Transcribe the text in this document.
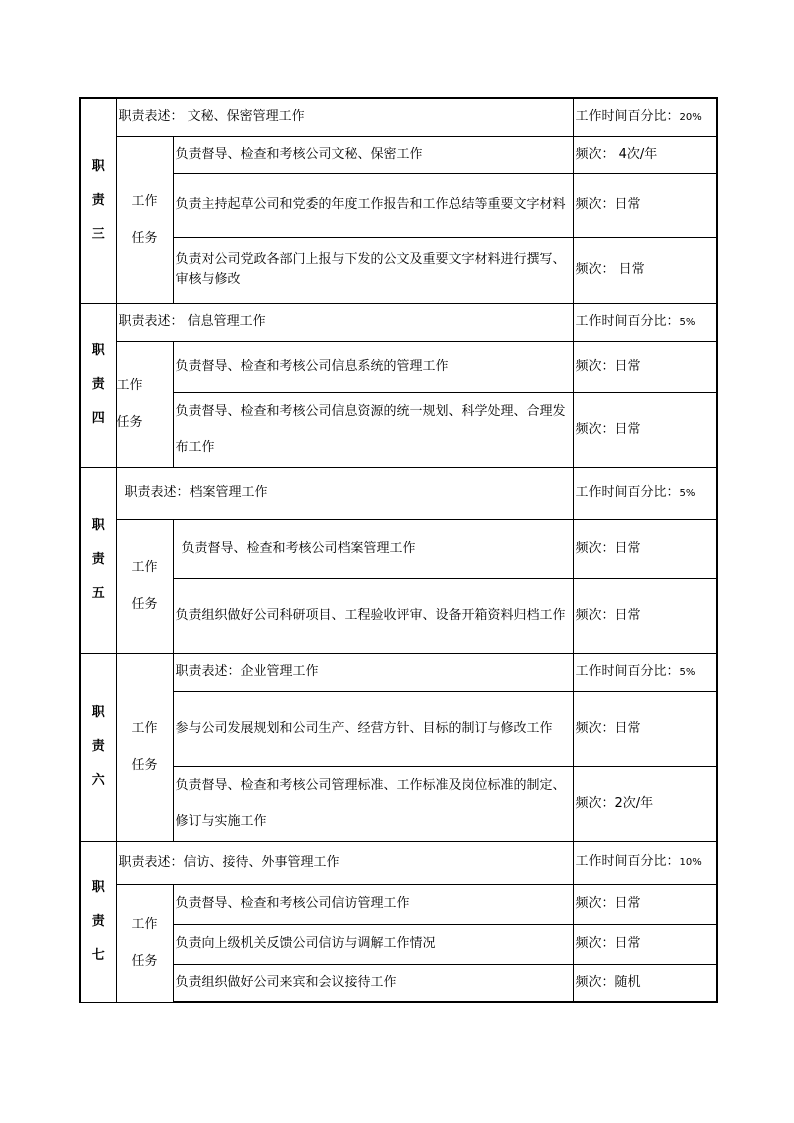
职
责
三	职责表述： 文秘、保密管理工作		工作时间百分比：20%

	工作
任务	负责督导、检查和考核公司文秘、保密工作	频次： 4次/年
		负责主持起草公司和党委的年度工作报告和工作总结等重要文字材料	频次：日常
		负责对公司党政各部门上报与下发的公文及重要文字材料进行撰写、审核与修改	频次： 日常

职
责
四	职责表述： 信息管理工作		工作时间百分比：5%

	工作
任务	负责督导、检查和考核公司信息系统的管理工作	频次：日常
		负责督导、检查和考核公司信息资源的统一规划、科学处理、合理发布工作	频次：日常

职
责
五	职责表述：档案管理工作		工作时间百分比：5%

	工作
任务	负责督导、检查和考核公司档案管理工作	频次：日常
		负责组织做好公司科研项目、工程验收评审、设备开箱资料归档工作	频次：日常

职
责
六	工作
任务	职责表述：企业管理工作	工作时间百分比：5%
		参与公司发展规划和公司生产、经营方针、目标的制订与修改工作	频次：日常
		负责督导、检查和考核公司管理标准、工作标准及岗位标准的制定、修订与实施工作	频次：2次/年

职
责
七	职责表述：信访、接待、外事管理工作		工作时间百分比：10%

	工作
任务	负责督导、检查和考核公司信访管理工作	频次：日常
		负责向上级机关反馈公司信访与调解工作情况	频次：日常
		负责组织做好公司来宾和会议接待工作	频次：随机
